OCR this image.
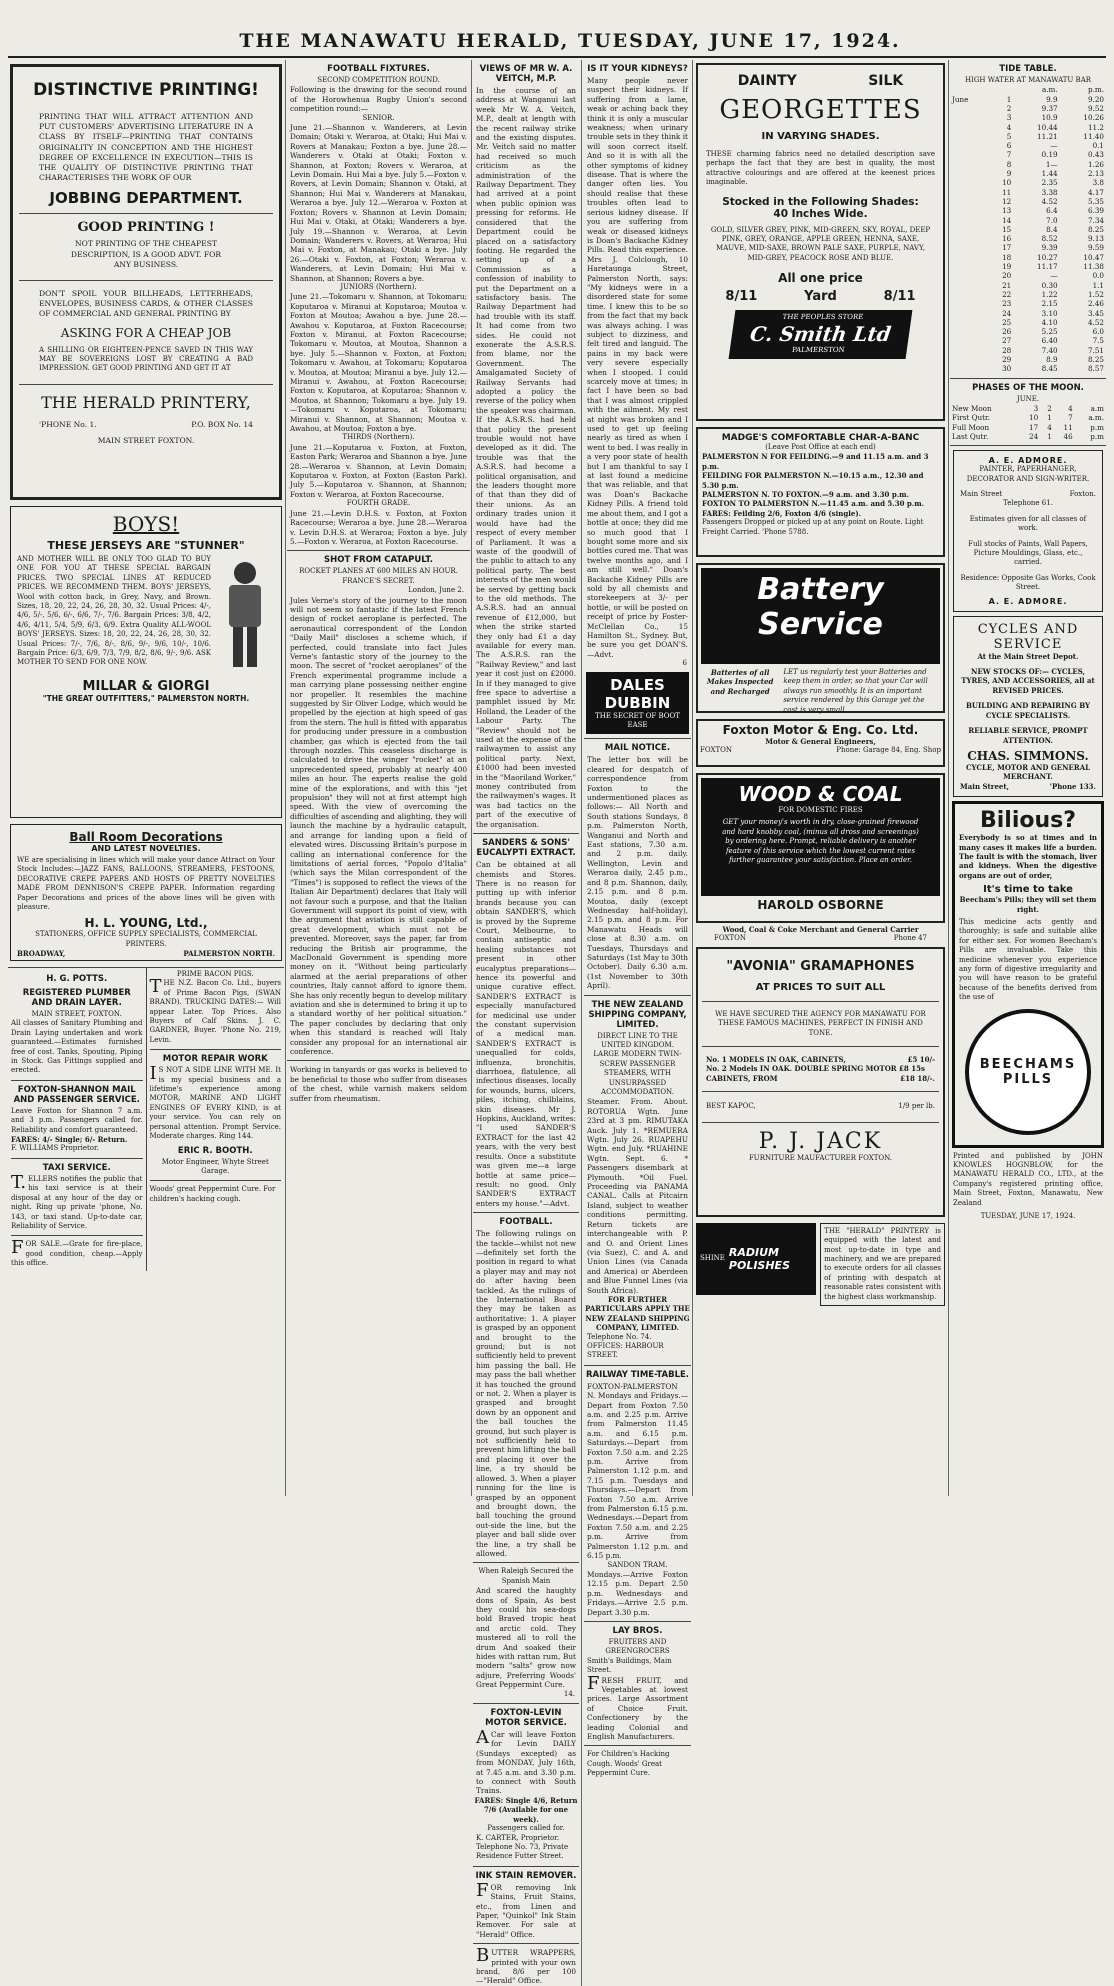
THE MANAWATU HERALD, TUESDAY, JUNE 17, 1924.
DISTINCTIVE PRINTING!
PRINTING THAT WILL ATTRACT ATTENTION AND PUT CUSTOMERS' ADVERTISING LITERATURE IN A CLASS BY ITSELF—PRINTING THAT CONTAINS ORIGINALITY IN CONCEPTION AND THE HIGHEST DEGREE OF EXCELLENCE IN EXECUTION—THIS IS THE QUALITY OF DISTINCTIVE PRINTING THAT CHARACTERISES THE WORK OF OUR
JOBBING DEPARTMENT.
GOOD PRINTING !
NOT PRINTING OF THE CHEAPEST DESCRIPTION, IS A GOOD ADVT. FOR ANY BUSINESS.
DON'T SPOIL YOUR BILLHEADS, LETTERHEADS, ENVELOPES, BUSINESS CARDS, & OTHER CLASSES OF COMMERCIAL AND GENERAL PRINTING BY
ASKING FOR A CHEAP JOB
A SHILLING OR EIGHTEEN-PENCE SAVED IN THIS WAY MAY BE SOVEREIGNS LOST BY CREATING A BAD IMPRESSION. GET GOOD PRINTING AND GET IT AT
THE HERALD PRINTERY,
'PHONE No. 1.	P.O. BOX No. 14
MAIN STREET FOXTON.
BOYS!
THESE JERSEYS ARE "STUNNER"
AND MOTHER WILL BE ONLY TOO GLAD TO BUY ONE FOR YOU AT THESE SPECIAL BARGAIN PRICES. TWO SPECIAL LINES AT REDUCED PRICES. WE RECOMMEND THEM. BOYS' JERSEYS, Wool with cotton back, in Grey, Navy, and Brown. Sizes, 18, 20, 22, 24, 26, 28, 30, 32. Usual Prices: 4/-, 4/6, 5/-, 5/6, 6/-, 6/6, 7/-, 7/6. Bargain Prices: 3/8, 4/2, 4/6, 4/11, 5/4, 5/9, 6/3, 6/9. Extra Quality ALL-WOOL BOYS' JERSEYS. Sizes: 18, 20, 22, 24, 26, 28, 30, 32. Usual Prices: 7/-, 7/6, 8/-, 8/6, 9/-, 9/6, 10/-, 10/6. Bargain Price: 6/3, 6/9, 7/3, 7/9, 8/2, 8/6, 9/-, 9/6. ASK MOTHER TO SEND FOR ONE NOW.
MILLAR & GIORGI
"THE GREAT OUTFITTERS," PALMERSTON NORTH.
Ball Room Decorations
AND LATEST NOVELTIES.
WE are specialising in lines which will make your dance Attract on Your Stock Includes:—JAZZ FANS, BALLOONS, STREAMERS, FESTOONS, DECORATIVE CREPE PAPERS AND HOSTS OF PRETTY NOVELTIES MADE FROM DENNISON'S CREPE PAPER. Information regarding Paper Decorations and prices of the above lines will be given with pleasure.
H. L. YOUNG, Ltd.,
STATIONERS, OFFICE SUPPLY SPECIALISTS, COMMERCIAL PRINTERS.
BROADWAY,	PALMERSTON NORTH.
H. G. POTTS.
REGISTERED PLUMBER AND DRAIN LAYER.
MAIN STREET, FOXTON.
All classes of Sanitary Plumbing and Drain Laying undertaken and work guaranteed.—Estimates furnished free of cost. Tanks, Spouting, Piping in Stock. Gas Fittings supplied and erected.
FOXTON-SHANNON MAIL AND PASSENGER SERVICE.
Leave Foxton for Shannon 7 a.m. and 3 p.m. Passengers called for. Reliability and comfort guaranteed.
FARES: 4/- Single; 6/- Return.
F. WILLIAMS Proprietor.
TAXI SERVICE.
T.ELLERS notifies the public that his taxi service is at their disposal at any hour of the day or night. Ring up private 'phone, No. 143, or taxi stand. Up-to-date car, Reliability of Service.
FOR SALE.—Grate for fire-place, good condition, cheap.—Apply this office.
PRIME BACON PIGS.
THE N.Z. Bacon Co. Ltd., buyers of Prime Bacon Pigs, (SWAN BRAND). TRUCKING DATES:— Will appear Later. Top Prices. Also Buyers of Calf Skins. J. C. GARDNER, Buyer. 'Phone No. 219, Levin.
MOTOR REPAIR WORK
IS NOT A SIDE LINE WITH ME. It is my special business and a lifetime's experience among MOTOR, MARINE AND LIGHT ENGINES OF EVERY KIND, is at your service. You can rely on personal attention. Prompt Service. Moderate charges. Ring 144.
ERIC R. BOOTH.
Motor Engineer, Whyte Street Garage.
Woods' great Peppermint Cure. For children's hacking cough.
FOOTBALL FIXTURES.
SECOND COMPETITION ROUND.
Following is the drawing for the second round of the Horowhenua Rugby Union's second competition round:—
SENIOR.
June 21.—Shannon v. Wanderers, at Levin Domain; Otaki v. Weraroa, at Otaki; Hui Mai v. Rovers at Manakau; Foxton a bye. June 28.—Wanderers v. Otaki at Otaki; Foxton v. Shannon, at Foxton; Rovers v. Weraroa, at Levin Domain. Hui Mai a bye. July 5.—Foxton v. Rovers, at Levin Domain; Shannon v. Otaki, at Shannon; Hui Mai v. Wanderers at Manakau, Weraroa a bye. July 12.—Weraroa v. Foxton at Foxton; Rovers v. Shannon at Levin Domain; Hui Mai v. Otaki, at Otaki; Wanderers a bye. July 19.—Shannon v. Weraroa, at Levin Domain; Wanderers v. Rovers, at Weraroa; Hui Mai v. Foxton, at Manakau; Otaki a bye. July 26.—Otaki v. Foxton, at Foxton; Weraroa v. Wanderers, at Levin Domain; Hui Mai v. Shannon, at Shannon; Rovers a bye.
JUNIORS (Northern).
June 21.—Tokomaru v. Shannon, at Tokomaru; Koputaroa v. Miranui at Koputaroa; Moutoa v. Foxton at Moutoa; Awahou a bye. June 28.—Awahou v. Koputaroa, at Foxton Racecourse; Foxton v. Miranui, at Foxton Racecourse; Tokomaru v. Moutoa, at Moutoa, Shannon a bye. July 5.—Shannon v. Foxton, at Foxton; Tokomaru v. Awahou, at Tokomaru; Koputaroa v. Moutoa, at Moutoa; Miranui a bye. July 12.—Miranui v. Awahou, at Foxton Racecourse; Foxton v. Koputaroa, at Koputaroa; Shannon v. Moutoa, at Shannon; Tokomaru a bye. July 19.—Tokomaru v. Koputaroa, at Tokomaru; Miranui v. Shannon, at Shannon; Moutoa v. Awahou, at Moutoa; Foxton a bye.
THIRDS (Northern).
June 21.—Koputaroa v. Foxton, at Foxton, Easton Park; Weraroa and Shannon a bye. June 28.—Weraroa v. Shannon, at Levin Domain; Koputaroa v. Foxton, at Foxton (Easton Park). July 5.—Koputaroa v. Shannon, at Shannon; Foxton v. Weraroa, at Foxton Racecourse.
FOURTH GRADE.
June 21.—Levin D.H.S. v. Foxton, at Foxton Racecourse; Weraroa a bye. June 28.—Weraroa v. Levin D.H.S. at Weraroa; Foxton a bye. July 5.—Foxton v. Weraroa, at Foxton Racecourse.
SHOT FROM CATAPULT.
ROCKET PLANES AT 600 MILES AN HOUR.
FRANCE'S SECRET.
London, June 2.
Jules Verne's story of the journey to the moon will not seem so fantastic if the latest French design of rocket aeroplane is perfected. The aeronautical correspondent of the London "Daily Mail" discloses a scheme which, if perfected, could translate into fact Jules Verne's fantastic story of the journey to the moon. The secret of "rocket aeroplanes" of the French experimental programme include a man carrying plane possessing neither engine nor propeller. It resembles the machine suggested by Sir Oliver Lodge, which would be propelled by the ejection at high speed of gas from the stern. The hull is fitted with apparatus for producing under pressure in a combustion chamber, gas which is ejected from the tail through nozzles. This ceaseless discharge is calculated to drive the winger "rocket" at an unprecedented speed, probably at nearly 400 miles an hour. The experts realise the gold mine of the explorations, and with this "jet propulsion" they will not at first attempt high speed. With the view of overcoming the difficulties of ascending and alighting, they will launch the machine by a hydraulic catapult, and arrange for landing upon a field of elevated wires. Discussing Britain's purpose in calling an international conference for the limitations of aerial forces, "Popolo d'Italia" (which says the Milan correspondent of the "Times") is supposed to reflect the views of the Italian Air Department) declares that Italy will not favour such a purpose, and that the Italian Government will support its point of view, with the argument that aviation is still capable of great development, which must not be prevented. Moreover, says the paper, far from reducing the British air programme, the MacDonald Government is spending more money on it. "Without being particularly alarmed at the aerial preparations of other countries, Italy cannot afford to ignore them. She has only recently begun to develop military aviation and she is determined to bring it up to a standard worthy of her political situation." The paper concludes by declaring that only when this standard is reached will Italy consider any proposal for an international air conference.
Working in tanyards or gas works is believed to be beneficial to those who suffer from diseases of the chest, while varnish makers seldom suffer from rheumatism.
VIEWS OF MR W. A. VEITCH, M.P.
In the course of an address at Wanganui last week Mr W. A. Veitch, M.P., dealt at length with the recent railway strike and the existing disputes. Mr. Veitch said no matter had received so much criticism as the administration of the Railway Department. They had arrived at a point when public opinion was pressing for reforms. He considered that the Department could be placed on a satisfactory footing. He regarded the setting up of a Commission as a confession of inability to put the Department on a satisfactory basis. The Railway Department had had trouble with its staff. It had come from two sides. He could not exonerate the A.S.R.S. from blame, nor the Government. The Amalgamated Society of Railway Servants had adopted a policy the reverse of the policy when the speaker was chairman. If the A.S.R.S. had held that policy the present trouble would not have developed as it did. The trouble was that the A.S.R.S. had become a political organisation, and the leaders thought more of that than they did of their unions. As an ordinary trades union it would have had the respect of every member of Parliament. It was a waste of the goodwill of the public to attach to any political party. The best interests of the men would be served by getting back to the old methods. The A.S.R.S. had an annual revenue of £12,000, but when the strike started they only had £1 a day available for every man. The A.S.R.S. ran the "Railway Review," and last year it cost just on £2000. In if they managed to give free space to advertise a pamphlet issued by Mr. Holland, the Leader of the Labour Party. The "Review" should not be used at the expense of the railwaymen to assist any political party. Next, £1000 had been invested in the "Maoriland Worker," money contributed from the railwaymen's wages. It was bad tactics on the part of the executive of the organisation.
SANDERS & SONS' EUCALYPTI EXTRACT.
Can be obtained at all chemists and Stores. There is no reason for putting up with inferior brands because you can obtain SANDER'S, which is proved by the Supreme Court, Melbourne, to contain antiseptic and healing substances not present in other eucalyptus preparations—hence its powerful and unique curative effect. SANDER'S EXTRACT is especially manufactured for medicinal use under the constant supervision of a medical man. SANDER'S EXTRACT is unequalled for colds, influenza, bronchitis, diarrhoea, flatulence, all infectious diseases, locally for wounds, burns, ulcers, piles, itching, chilblains, skin diseases. Mr J. Hopkins, Auckland, writes: "I used SANDER'S EXTRACT for the last 42 years, with the very best results. Once a substitute was given me—a large bottle at same price—result: no good. Only SANDER'S EXTRACT enters my house."—Advt.
FOOTBALL.
The following rulings on the tackle—whilst not new—definitely set forth the position in regard to what a player may and may not do after having been tackled. As the rulings of the International Board they may be taken as authoritative: 1. A player is grasped by an opponent and brought to the ground; but is not sufficiently held to prevent him passing the ball. He may pass the ball whether it has touched the ground or not. 2. When a player is grasped and brought down by an opponent and the ball touches the ground, but such player is not sufficiently held to prevent him lifting the ball and placing it over the line, a try should be allowed. 3. When a player running for the line is grasped by an opponent and brought down, the ball touching the ground out-side the line, but the player and ball slide over the line, a try shall be allowed.
When Raleigh Secured the Spanish Main
And scared the haughty dons of Spain, As best they could his sea-dogs bold Braved tropic heat and arctic cold. They mustered all to roll the drum And soaked their hides with rattan rum, But modern "salts" grow now adjure, Preferring Woods' Great Peppermint Cure.
14.
FOXTON-LEVIN MOTOR SERVICE.
ACar will leave Foxton for Levin DAILY (Sundays excepted) as from MONDAY, July 16th, at 7.45 a.m. and 3.30 p.m. to connect with South Trains.
FARES: Single 4/6, Return 7/6 (Available for one week).
Passengers called for.
K. CARTER, Proprietor.
Telephone No. 73, Private Residence Futter Street.
INK STAIN REMOVER.
FOR removing Ink Stains, Fruit Stains, etc., from Linen and Paper, "Quinkol" Ink Stain Remover. For sale at "Herald" Office.
BUTTER WRAPPERS, printed with your own brand, 8/6 per 100 —"Herald" Office.
IS IT YOUR KIDNEYS?
Many people never suspect their kidneys. If suffering from a lame, weak or aching back they think it is only a muscular weakness; when urinary trouble sets in they think it will soon correct itself. And so it is with all the other symptoms of kidney disease. That is where the danger often lies. You should realise that these troubles often lead to serious kidney disease. If you are suffering from weak or diseased kidneys is Doan's Backache Kidney Pills. Read this experience. Mrs J. Colclough, 10 Haretaunga Street, Palmerston North, says: "My kidneys were in a disordered state for some time. I knew this to be so from the fact that my back was always aching. I was subject to dizziness, and felt tired and languid. The pains in my back were very severe especially when I stooped. I could scarcely move at times; in fact I have been so bad that I was almost crippled with the ailment. My rest at night was broken and I used to get up feeling nearly as tired as when I went to bed. I was really in a very poor state of health but I am thankful to say I at last found a medicine that was reliable, and that was Doan's Backache Kidney Pills. A friend told me about them, and I got a bottle at once; they did me so much good that I bought some more and six bottles cured me. That was twelve months ago, and I am still well." Doan's Backache Kidney Pills are sold by all chemists and storekeepers at 3/- per bottle, or will be posted on receipt of price by Foster-McClellan Co., 15 Hamilton St., Sydney. But, be sure you get DOAN'S. —Advt.
6
DALES DUBBIN
THE SECRET OF BOOT EASE
MAIL NOTICE.
The letter box will be cleared for despatch of correspondence from Foxton to the undermentioned places as follows:— All North and South stations Sundays, 8 p.m. Palmerston North, Wanganui and North and East stations, 7.30 a.m. and 2 p.m. daily. Wellington, Levin and Weraroa daily, 2.45 p.m., and 8 p.m. Shannon, daily, 2.15 p.m. and 8 p.m. Moutoa, daily (except Wednesday half-holiday), 2.15 p.m. and 8 p.m. For Manawatu Heads will close at 8.30 a.m. on Tuesdays, Thursdays and Saturdays (1st May to 30th October). Daily 6.30 a.m. (1st November to 30th April).
THE NEW ZEALAND SHIPPING COMPANY, LIMITED.
DIRECT LINE TO THE UNITED KINGDOM.
LARGE MODERN TWIN-SCREW PASSENGER STEAMERS, WITH UNSURPASSED ACCOMMODATION.
Steamer. From. About. ROTORUA Wgtn. June 23rd at 3 pm. RIMUTAKA Auck. July 1. *REMUERA Wgtn. July 26. RUAPEHU Wgtn. end July. *RUAHINE Wgtn. Sept. 6. * Passengers disembark at Plymouth. *Oil Fuel. Proceeding via PANAMA CANAL. Calls at Pitcairn Island, subject to weather conditions permitting. Return tickets are interchangeable with P. and O. and Orient Lines (via Suez), C. and A. and Union Lines (via Canada and America) or Aberdeen and Blue Funnel Lines (via South Africa).
FOR FURTHER PARTICULARS APPLY THE NEW ZEALAND SHIPPING COMPANY, LIMITED.
Telephone No. 74. OFFICES: HARBOUR STREET.
RAILWAY TIME-TABLE.
FOXTON-PALMERSTON N. Mondays and Fridays.—Depart from Foxton 7.50 a.m. and 2.25 p.m. Arrive from Palmerston 11.45 a.m. and 6.15 p.m. Saturdays.—Depart from Foxton 7.50 a.m. and 2.25 p.m. Arrive from Palmerston 1.12 p.m. and 7.15 p.m. Tuesdays and Thursdays.—Depart from Foxton 7.50 a.m. Arrive from Palmerston 6.15 p.m. Wednesdays.—Depart from Foxton 7.50 a.m. and 2.25 p.m. Arrive from Palmerston 1.12 p.m. and 6.15 p.m.
SANDON TRAM.
Mondays.—Arrive Foxton 12.15 p.m. Depart 2.50 p.m. Wednesdays and Fridays.—Arrive 2.5 p.m. Depart 3.30 p.m.
LAY BROS.
FRUITERS AND GREENGROCERS
Smith's Buildings, Main Street.
FRESH FRUIT, and Vegetables at lowest prices. Large Assortment of Choice Fruit. Confectionery by the leading Colonial and English Manufacturers.
For Children's Hacking Cough. Woods' Great Peppermint Cure.
DAINTY	SILK
GEORGETTES
IN VARYING SHADES.
THESE charming fabrics need no detailed description save perhaps the fact that they are best in quality, the most attractive colourings and are offered at the keenest prices imaginable.
Stocked in the Following Shades:
40 Inches Wide.
GOLD, SILVER GREY, PINK, MID-GREEN, SKY, ROYAL, DEEP PINK, GREY, ORANGE, APPLE GREEN, HENNA, SAXE, MAUVE, MID-SAXE, BROWN PALE SAXE, PURPLE, NAVY, MID-GREY, PEACOCK ROSE AND BLUE.
All one price
8/11	Yard	8/11
THE PEOPLES STORE
C. Smith Ltd
PALMERSTON
MADGE'S COMFORTABLE CHAR-A-BANC
(Leave Post Office at each end)
PALMERSTON N FOR FEILDING.—9 and 11.15 a.m. and 3 p.m.
FEILDING FOR PALMERSTON N.—10.15 a.m., 12.30 and 5.30 p.m.
PALMERSTON N. TO FOXTON.—9 a.m. and 3.30 p.m.
FOXTON TO PALMERSTON N.—11.45 a.m. and 5.30 p.m.
FARES: Feilding 2/6, Foxton 4/6 (single).
Passengers Dropped or picked up at any point on Route. Light Freight Carried. 'Phone 5788.
Battery Service
Batteries of all Makes Inspected and Recharged
LET us regularly test your Batteries and keep them in order, so that your Car will always run smoothly. It is an important service rendered by this Garage yet the cost is very small.
Foxton Motor & Eng. Co. Ltd.
Motor & General Engineers,
FOXTON	Phone: Garage 84, Eng. Shop
WOOD & COAL
FOR DOMESTIC FIRES
GET your money's worth in dry, close-grained firewood and hard knobby coal, (minus all dross and screenings) by ordering here. Prompt, reliable delivery is another feature of this service which the lowest current rates further guarantee your satisfaction. Place an order.
HAROLD OSBORNE
Wood, Coal & Coke Merchant and General Carrier
FOXTON	Phone 47
"AVONIA" GRAMAPHONES
AT PRICES TO SUIT ALL
WE HAVE SECURED THE AGENCY FOR MANAWATU FOR THESE FAMOUS MACHINES, PERFECT IN FINISH AND TONE.
No. 1 MODELS IN OAK, CABINETS,	£5 10/-
No. 2 Models IN OAK. DOUBLE SPRING MOTOR £8 15s
CABINETS, FROM	£18 18/-.
BEST KAPOC,	1/9 per lb.
P. J. JACK
FURNITURE MAUFACTURER FOXTON.
SHINE RADIUM POLISHES
THE "HERALD" PRINTERY is equipped with the latest and most up-to-date in type and machinery, and we are prepared to execute orders for all classes of printing with despatch at reasonable rates consistent with the highest class workmanship.
TIDE TABLE.
HIGH WATER AT MANAWATU BAR
		a.m.	p.m.
June	1	9.9	9.20
	2	9.37	9.52
	3	10.9	10.26
	4	10.44	11.2
	5	11.21	11.40
	6	—	0.1
	7	0.19	0.43
	8	1—	1.26
	9	1.44	2.13
	10	2.35	3.8
	11	3.38	4.17
	12	4.52	5.35
	13	6.4	6.39
	14	7.0	7.34
	15	8.4	8.25
	16	8.52	9.13
	17	9.39	9.59
	18	10.27	10.47
	19	11.17	11.38
	20	—	0.0
	21	0.30	1.1
	22	1.22	1.52
	23	2.15	2.46
	24	3.10	3.45
	25	4.10	4.52
	26	5.25	6.0
	27	6.40	7.5
	28	7.40	7.51
	29	8.9	8.25
	30	8.45	8.57
PHASES OF THE MOON.
JUNE.
New Moon	3	2	4	a.m
First Qutr.	10	1	7	a.m.
Full Moon	17	4	11	p.m
Last Qutr.	24	1	46	p.m
A. E. ADMORE.
PAINTER, PAPERHANGER, DECORATOR AND SIGN-WRITER.
Main Street	Foxton.
Telephone 61.
Estimates given for all classes of work.
Full stocks of Paints, Wall Papers, Picture Mouldings, Glass, etc., carried.
Residence: Opposite Gas Works, Cook Street.
A. E. ADMORE.
CYCLES AND SERVICE
At the Main Street Depot.
NEW STOCKS OF:— CYCLES, TYRES, AND ACCESSORIES, all at REVISED PRICES.
BUILDING AND REPAIRING BY CYCLE SPECIALISTS.
RELIABLE SERVICE, PROMPT ATTENTION.
CHAS. SIMMONS.
CYCLE, MOTOR AND GENERAL MERCHANT.
Main Street,	'Phone 133.
Bilious?
Everybody is so at times and in many cases it makes life a burden. The fault is with the stomach, liver and kidneys. When the digestive organs are out of order,
It's time to take
Beecham's Pills; they will set them right.
This medicine acts gently and thoroughly; is safe and suitable alike for either sex. For women Beecham's Pills are invaluable. Take this medicine whenever you experience any form of digestive irregularity and you will have reason to be grateful because of the benefits derived from the use of
BEECHAMS PILLS
Printed and published by JOHN KNOWLES HOGNBLOW, for the MANAWATU HERALD CO., LTD., at the Company's registered printing office, Main Street, Foxton, Manawatu, New Zealand
TUESDAY, JUNE 17, 1924.
